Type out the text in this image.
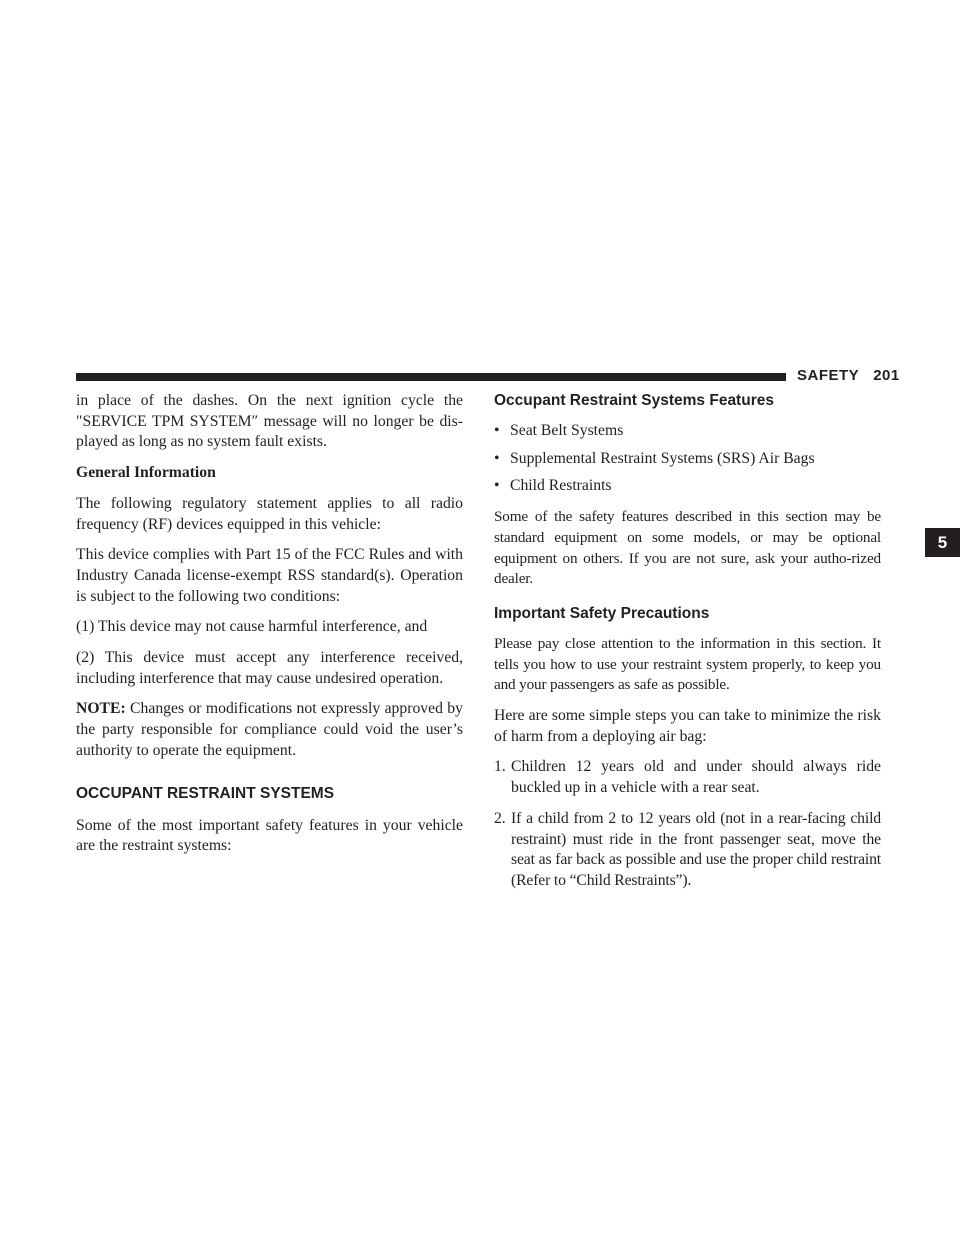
SAFETY 201
5

in place of the dashes. On the next ignition cycle the ″SERVICE TPM SYSTEM″ message will no longer be dis-played as long as no system fault exists.

General Information

The following regulatory statement applies to all radio frequency (RF) devices equipped in this vehicle:

This device complies with Part 15 of the FCC Rules and with Industry Canada license-exempt RSS standard(s). Operation is subject to the following two conditions:

(1) This device may not cause harmful interference, and

(2) This device must accept any interference received, including interference that may cause undesired operation.

NOTE: Changes or modifications not expressly approved by the party responsible for compliance could void the user’s authority to operate the equipment.

OCCUPANT RESTRAINT SYSTEMS

Some of the most important safety features in your vehicle are the restraint systems:

Occupant Restraint Systems Features
• Seat Belt Systems
• Supplemental Restraint Systems (SRS) Air Bags
• Child Restraints

Some of the safety features described in this section may be standard equipment on some models, or may be optional equipment on others. If you are not sure, ask your autho-rized dealer.

Important Safety Precautions

Please pay close attention to the information in this section. It tells you how to use your restraint system properly, to keep you and your passengers as safe as possible.

Here are some simple steps you can take to minimize the risk of harm from a deploying air bag:

1. Children 12 years old and under should always ride buckled up in a vehicle with a rear seat.
2. If a child from 2 to 12 years old (not in a rear-facing child restraint) must ride in the front passenger seat, move the seat as far back as possible and use the proper child restraint (Refer to “Child Restraints”).
